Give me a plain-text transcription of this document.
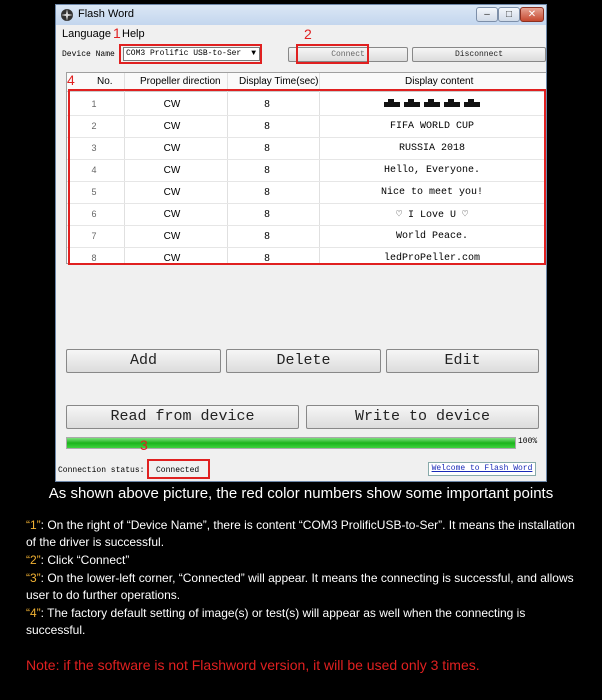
Flash Word	–	□	✕
Language Help
1
Device Name	COM3 Prolific USB-to-Ser ▼	Connect
2
Disconnect
No.	Propeller direction Display Time(sec)	Display content
1	CW	8
2	CW	8	FIFA WORLD CUP
3	CW	8	RUSSIA 2018
4	CW	8	Hello, Everyone.
5	CW	8	Nice to meet you!
6	CW	8	♡ I Love U ♡
7	CW	8	World Peace.
8	CW	8	ledProPeller.com
4
Add	Delete	Edit
Read from device	Write to device
100%
Connection status: Connected	Welcome to Flash Word
3
As shown above picture, the red color numbers show some important points
“1”: On the right of “Device Name”, there is content “COM3 ProlificUSB-to-Ser”. It means the installation of the driver is successful.
“2”: Click “Connect”
“3”: On the lower-left corner, “Connected” will appear. It means the connecting is successful, and allows user to do further operations.
“4”: The factory default setting of image(s) or test(s) will appear as well when the connecting is successful.
Note: if the software is not Flashword version, it will be used only 3 times.
